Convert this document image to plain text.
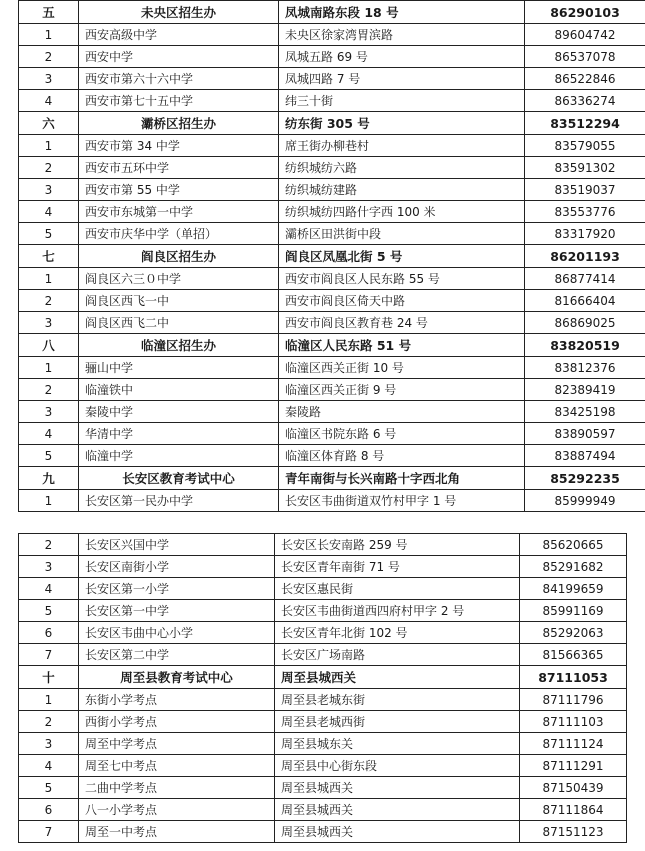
五	未央区招生办	凤城南路东段 18 号	86290103
1	西安高级中学	未央区徐家湾胃滨路	89604742
2	西安中学	凤城五路 69 号	86537078
3	西安市第六十六中学	凤城四路 7 号	86522846
4	西安市第七十五中学	纬三十街	86336274
六	灞桥区招生办	纺东街 305 号	83512294
1	西安市第 34 中学	席王街办柳巷村	83579055
2	西安市五环中学	纺织城纺六路	83591302
3	西安市第 55 中学	纺织城纺建路	83519037
4	西安市东城第一中学	纺织城纺四路什字西 100 米	83553776
5	西安市庆华中学（单招）	灞桥区田洪街中段	83317920
七	阎良区招生办	阎良区凤凰北街 5 号	86201193
1	阎良区六三０中学	西安市阎良区人民东路 55 号	86877414
2	阎良区西飞一中	西安市阎良区倚天中路	81666404
3	阎良区西飞二中	西安市阎良区教育巷 24 号	86869025
八	临潼区招生办	临潼区人民东路 51 号	83820519
1	骊山中学	临潼区西关正街 10 号	83812376
2	临潼铁中	临潼区西关正街 9 号	82389419
3	秦陵中学	秦陵路	83425198
4	华清中学	临潼区书院东路 6 号	83890597
5	临潼中学	临潼区体育路 8 号	83887494
九	长安区教育考试中心	青年南街与长兴南路十字西北角	85292235
1	长安区第一民办中学	长安区韦曲街道双竹村甲字 1 号	85999949
2	长安区兴国中学	长安区长安南路 259 号	85620665
3	长安区南街小学	长安区青年南街 71 号	85291682
4	长安区第一小学	长安区惠民街	84199659
5	长安区第一中学	长安区韦曲街道西四府村甲字 2 号	85991169
6	长安区韦曲中心小学	长安区青年北街 102 号	85292063
7	长安区第二中学	长安区广场南路	81566365
十	周至县教育考试中心	周至县城西关	87111053
1	东街小学考点	周至县老城东街	87111796
2	西街小学考点	周至县老城西街	87111103
3	周至中学考点	周至县城东关	87111124
4	周至七中考点	周至县中心街东段	87111291
5	二曲中学考点	周至县城西关	87150439
6	八一小学考点	周至县城西关	87111864
7	周至一中考点	周至县城西关	87151123
